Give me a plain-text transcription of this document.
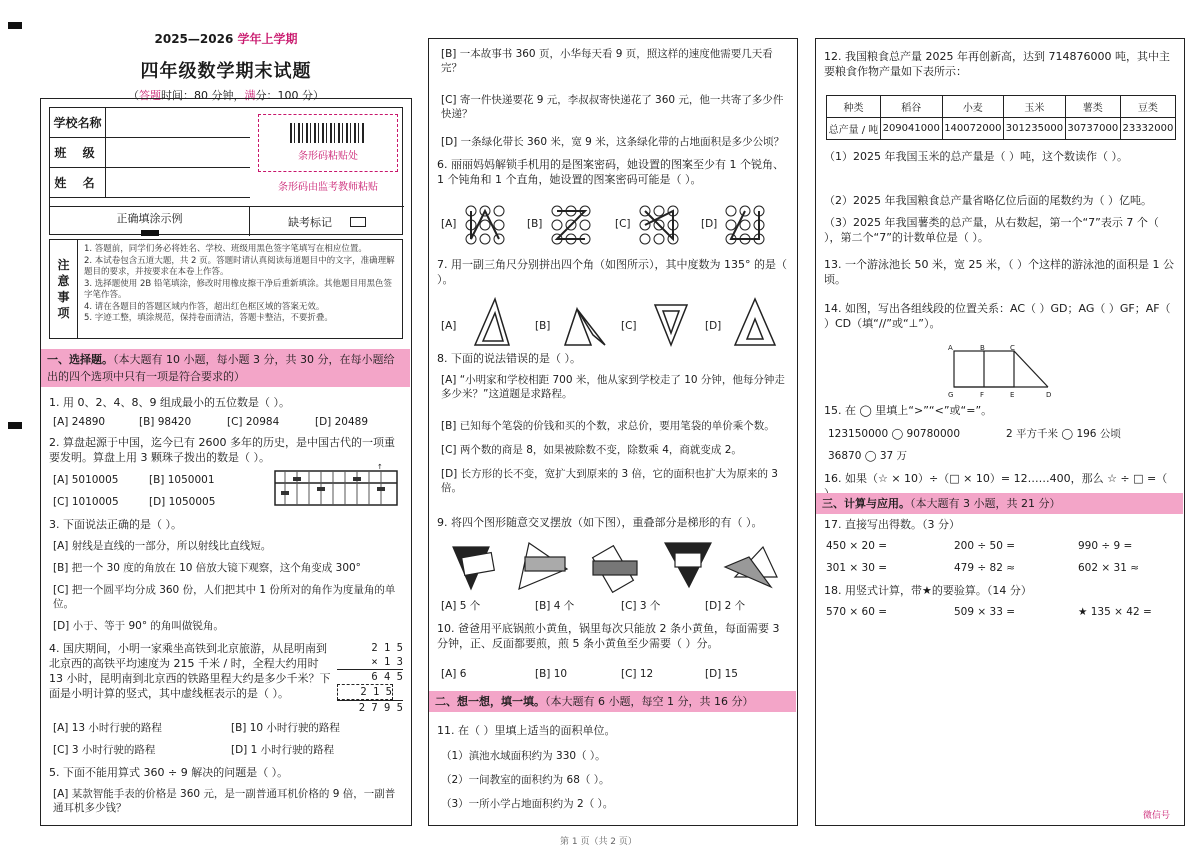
2025—2026 学年上学期
四年级数学期末试题
（答题时间：80 分钟，满分：100 分）
学校名称
班 级
姓 名
条形码粘贴处
条形码由监考教师粘贴
正确填涂示例	缺考标记
注
意
事
项
1. 答题前，同学们务必将姓名、学校、班级用黑色签字笔填写在相应位置。
2. 本试卷包含五道大题，共 2 页。答题时请认真阅读每道题目中的文字，准确理解题目的要求，并按要求在本卷上作答。
3. 选择题使用 2B 铅笔填涂，修改时用橡皮擦干净后重新填涂。其他题目用黑色签字笔作答。
4. 请在各题目的答题区域内作答，超出红色框区域的答案无效。
5. 字迹工整，填涂规范，保持卷面清洁，答题卡整洁，不要折叠。
一、选择题。（本大题有 10 小题，每小题 3 分，共 30 分，在每小题给出的四个选项中只有一项是符合要求的）
1. 用 0、2、4、8、9 组成最小的五位数是（ ）。
[A] 24890	[B] 98420	[C] 20984	[D] 20489
2. 算盘起源于中国，迄今已有 2600 多年的历史，是中国古代的一项重要发明。算盘上用 3 颗珠子拨出的数是（ ）。
[A] 5010005	[B] 1050001
[C] 1010005	[D] 1050005
↑
3. 下面说法正确的是（ ）。
[A] 射线是直线的一部分，所以射线比直线短。
[B] 把一个 30 度的角放在 10 倍放大镜下观察，这个角变成 300°
[C] 把一个圆平均分成 360 份，人们把其中 1 份所对的角作为度量角的单位。
[D] 小于、等于 90° 的角叫做锐角。
4. 国庆期间，小明一家乘坐高铁到北京旅游，从昆明南到北京西的高铁平均速度为 215 千米 / 时，全程大约用时 13 小时，昆明南到北京西的铁路里程大约是多少千米？下面是小明计算的竖式，其中虚线框表示的是（ ）。
2 1 5
× 1 3
6 4 5
2 1 5
2 7 9 5
[A] 13 小时行驶的路程	[B] 10 小时行驶的路程
[C] 3 小时行驶的路程	[D] 1 小时行驶的路程
5. 下面不能用算式 360 ÷ 9 解决的问题是（ ）。
[A] 某款智能手表的价格是 360 元，是一副普通耳机价格的 9 倍，一副普通耳机多少钱？
[B] 一本故事书 360 页，小华每天看 9 页，照这样的速度他需要几天看完？
[C] 寄一件快递要花 9 元，李叔叔寄快递花了 360 元，他一共寄了多少件快递？
[D] 一条绿化带长 360 米，宽 9 米，这条绿化带的占地面积是多少公顷？
6. 丽丽妈妈解锁手机用的是图案密码，她设置的图案至少有 1 个锐角、1 个钝角和 1 个直角，她设置的图案密码可能是（ ）。
[A]	[B]	[C]	[D]
7. 用一副三角尺分别拼出四个角（如图所示），其中度数为 135° 的是（ ）。
[A]	[B]	[C]	[D]
8. 下面的说法错误的是（ ）。
[A] “小明家和学校相距 700 米，他从家到学校走了 10 分钟，他每分钟走多少米？”这道题是求路程。
[B] 已知每个笔袋的价钱和买的个数，求总价，要用笔袋的单价乘个数。
[C] 两个数的商是 8，如果被除数不变，除数乘 4，商就变成 2。
[D] 长方形的长不变，宽扩大到原来的 3 倍，它的面积也扩大为原来的 3 倍。
9. 将四个图形随意交叉摆放（如下图），重叠部分是梯形的有（ ）。
[A] 5 个	[B] 4 个	[C] 3 个	[D] 2 个
10. 爸爸用平底锅煎小黄鱼，锅里每次只能放 2 条小黄鱼，每面需要 3 分钟，正、反面都要煎，煎 5 条小黄鱼至少需要（ ）分。
[A] 6	[B] 10	[C] 12	[D] 15
二、想一想，填一填。（本大题有 6 小题，每空 1 分，共 16 分）
11. 在（ ）里填上适当的面积单位。
（1）滇池水域面积约为 330（ ）。
（2）一间教室的面积约为 68（ ）。
（3）一所小学占地面积约为 2（ ）。
12. 我国粮食总产量 2025 年再创新高，达到 714876000 吨，其中主要粮食作物产量如下表所示：
种类	稻谷	小麦	玉米	薯类	豆类
总产量 / 吨	209041000	140072000	301235000	30737000	23332000
（1）2025 年我国玉米的总产量是（ ）吨，这个数读作（ ）。
（2）2025 年我国粮食总产量省略亿位后面的尾数约为（ ）亿吨。
（3）2025 年我国薯类的总产量，从右数起，第一个“7”表示 7 个（ ），第二个“7”的计数单位是（ ）。
13. 一个游泳池长 50 米，宽 25 米，（ ）个这样的游泳池的面积是 1 公顷。
14. 如图，写出各组线段的位置关系：AC（ ）GD；AG（ ）GF；AF（ ）CD（填“//”或“⊥”）。
A	B	C
G	F	E	D
15. 在 ◯ 里填上“>”“<”或“=”。
123150000 ◯ 90780000	2 平方千米 ◯ 196 公顷
36870 ◯ 37 万
16. 如果（☆ × 10）÷（□ × 10）= 12……400，那么 ☆ ÷ □ =（
三、计算与应用。（本大题有 3 小题，共 21 分）
17. 直接写出得数。（3 分）
450 × 20 =	200 ÷ 50 =	990 ÷ 9 =
301 × 30 =	479 ÷ 82 ≈	602 × 31 ≈
18. 用竖式计算，带★的要验算。（14 分）
570 × 60 =	509 × 33 =	★ 135 × 42 =
微信号
第 1 页（共 2 页）
